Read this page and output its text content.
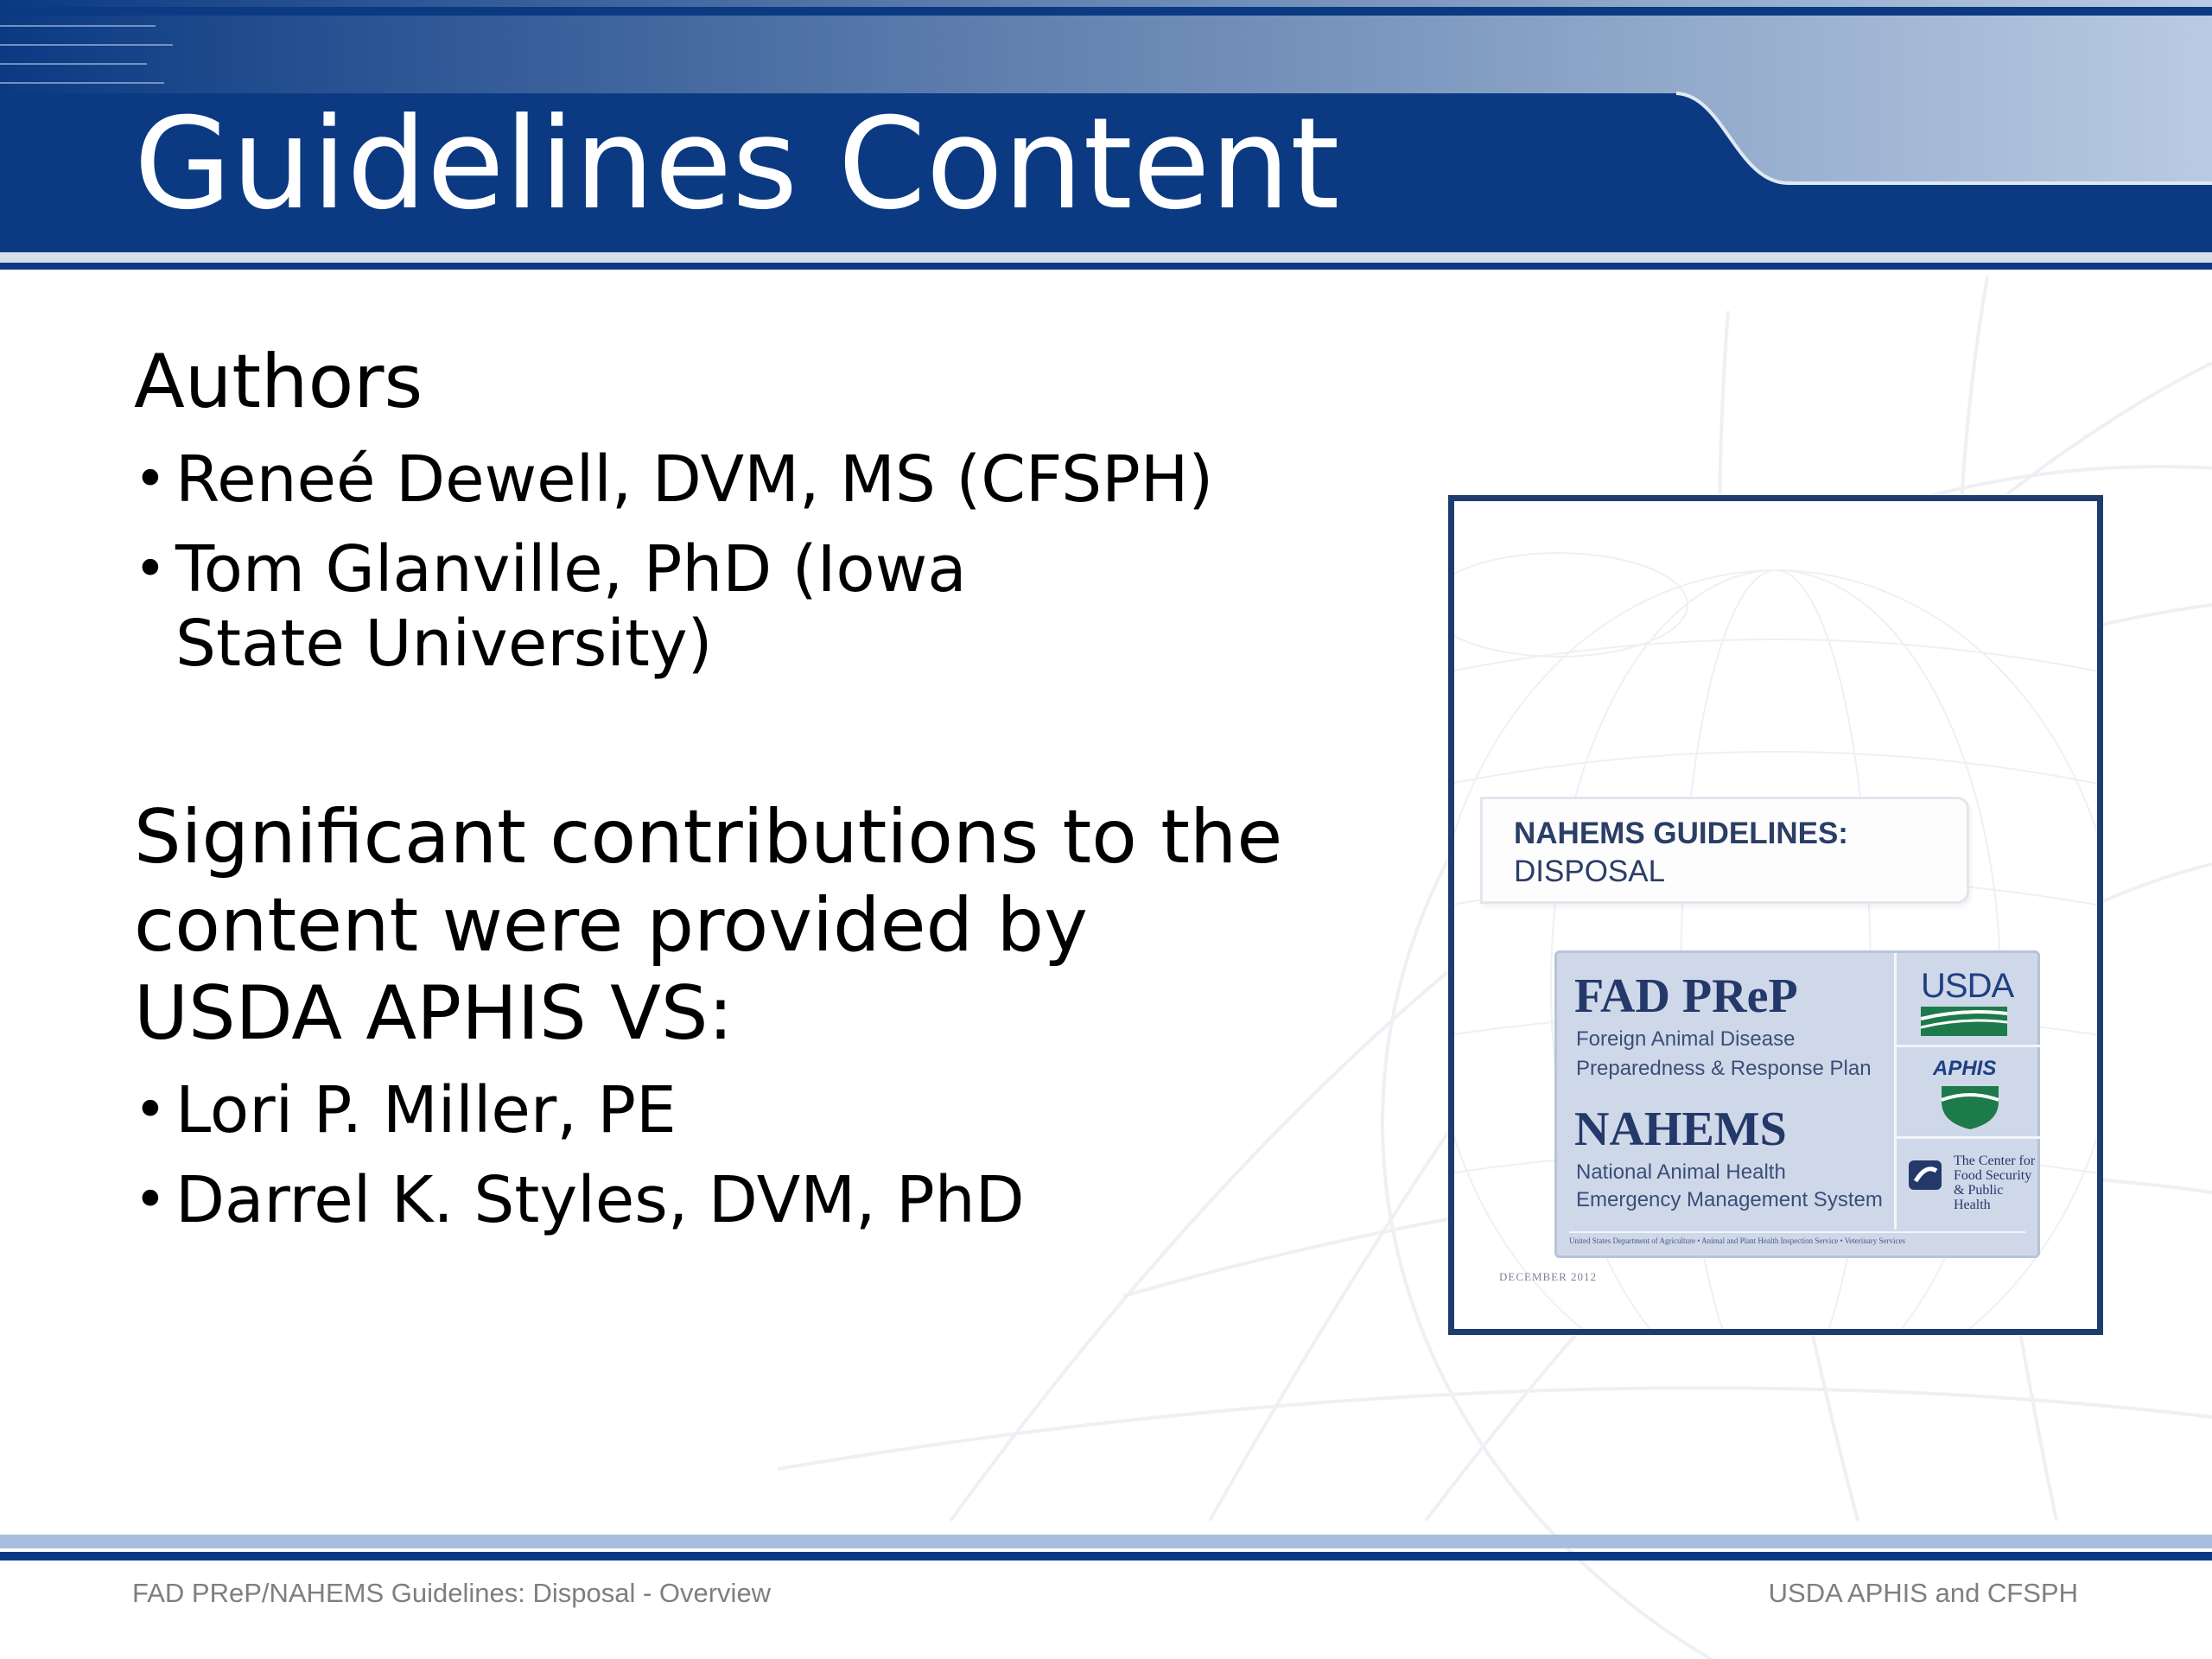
Guidelines Content
Authors
• Reneé Dewell, DVM, MS (CFSPH)
• Tom Glanville, PhD (Iowa State University)
Significant contributions to the
content were provided by
USDA APHIS VS:
• Lori P. Miller, PE
• Darrel K. Styles, DVM, PhD
NAHEMS GUIDELINES:
DISPOSAL
FAD PReP
Foreign Animal Disease
Preparedness & Response Plan
NAHEMS
National Animal Health
Emergency Management System
USDA
APHIS
The Center for Food Security & Public Health
United States Department of Agriculture • Animal and Plant Health Inspection Service • Veterinary Services
DECEMBER 2012
FAD PReP/NAHEMS Guidelines: Disposal - Overview	USDA APHIS and CFSPH
